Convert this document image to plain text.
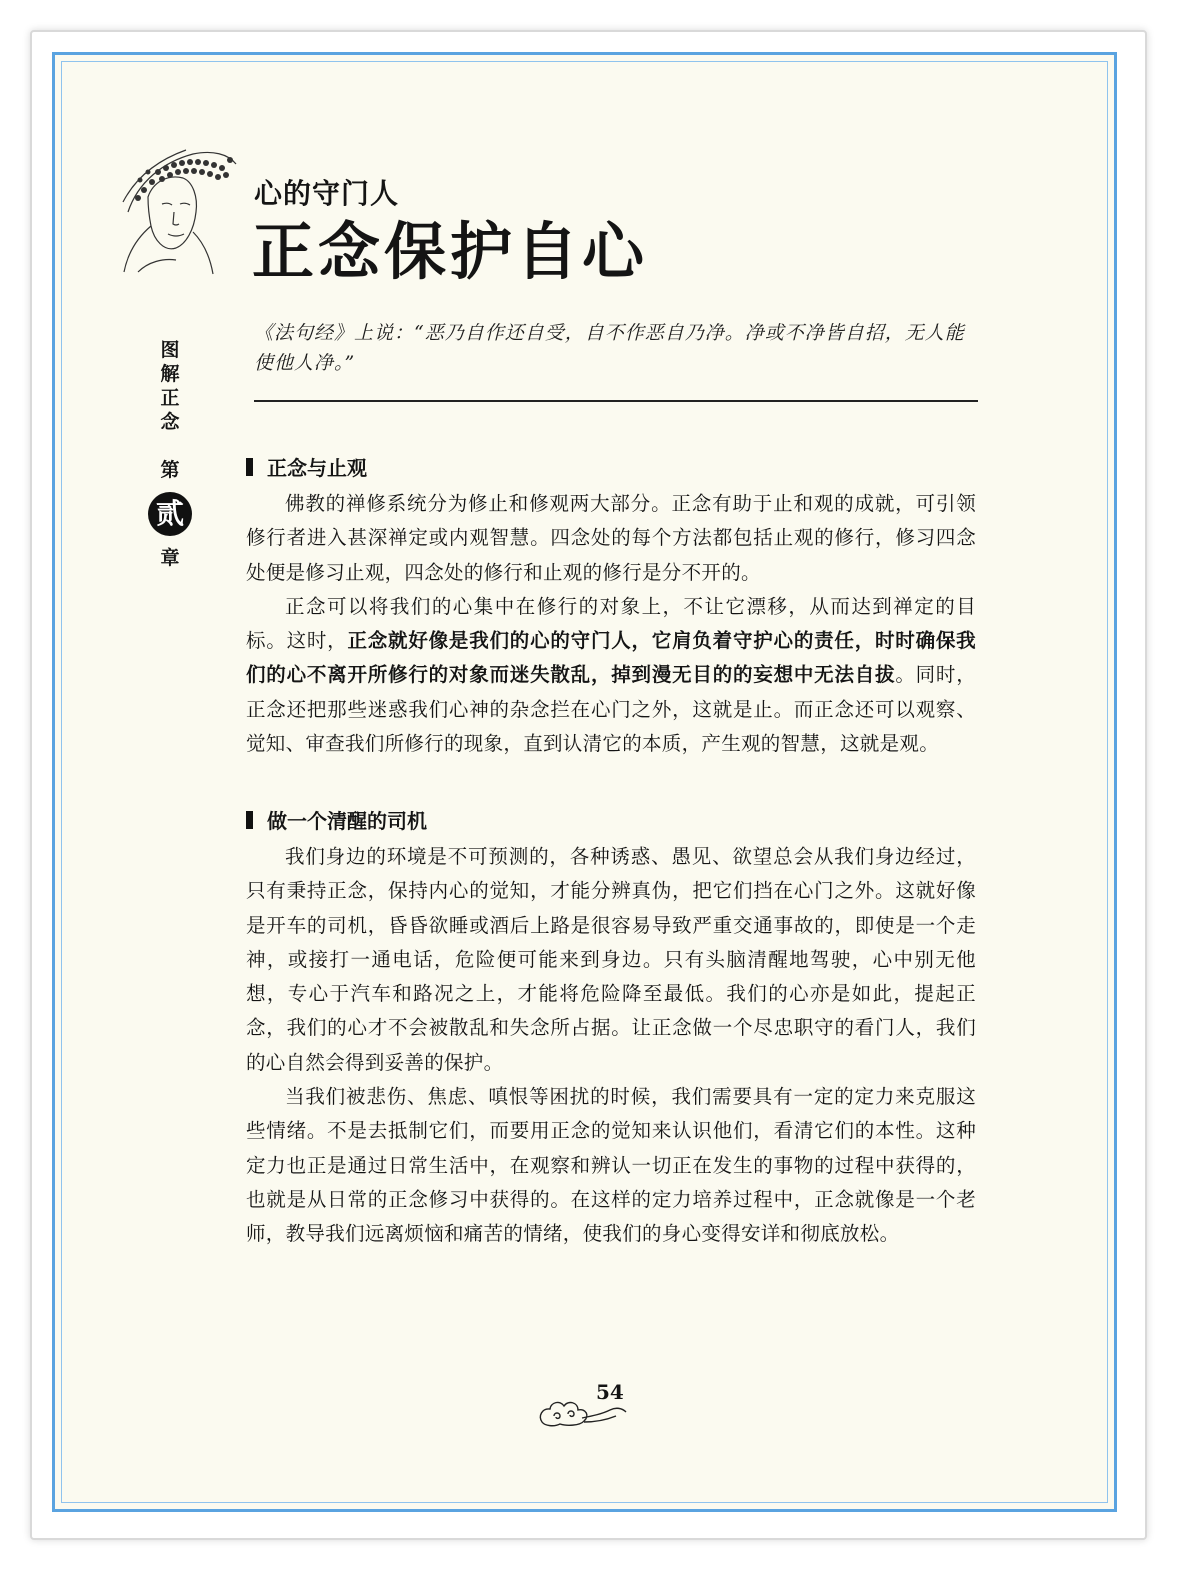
心的守门人
正念保护自心

《法句经》上说：“恶乃自作还自受，自不作恶自乃净。净或不净皆自招，无人能使他人净。”

图
解
正
念
第
贰
章
正念与止观

佛教的禅修系统分为修止和修观两大部分。正念有助于止和观的成就，可引领修行者进入甚深禅定或内观智慧。四念处的每个方法都包括止观的修行，修习四念处便是修习止观，四念处的修行和止观的修行是分不开的。

正念可以将我们的心集中在修行的对象上，不让它漂移，从而达到禅定的目标。这时，正念就好像是我们的心的守门人，它肩负着守护心的责任，时时确保我们的心不离开所修行的对象而迷失散乱，掉到漫无目的的妄想中无法自拔。同时，正念还把那些迷惑我们心神的杂念拦在心门之外，这就是止。而正念还可以观察、觉知、审查我们所修行的现象，直到认清它的本质，产生观的智慧，这就是观。

做一个清醒的司机

我们身边的环境是不可预测的，各种诱惑、愚见、欲望总会从我们身边经过，只有秉持正念，保持内心的觉知，才能分辨真伪，把它们挡在心门之外。这就好像是开车的司机，昏昏欲睡或酒后上路是很容易导致严重交通事故的，即使是一个走神，或接打一通电话，危险便可能来到身边。只有头脑清醒地驾驶，心中别无他想，专心于汽车和路况之上，才能将危险降至最低。我们的心亦是如此，提起正念，我们的心才不会被散乱和失念所占据。让正念做一个尽忠职守的看门人，我们的心自然会得到妥善的保护。

当我们被悲伤、焦虑、嗔恨等困扰的时候，我们需要具有一定的定力来克服这些情绪。不是去抵制它们，而要用正念的觉知来认识他们，看清它们的本性。这种定力也正是通过日常生活中，在观察和辨认一切正在发生的事物的过程中获得的，也就是从日常的正念修习中获得的。在这样的定力培养过程中，正念就像是一个老师，教导我们远离烦恼和痛苦的情绪，使我们的身心变得安详和彻底放松。

54
